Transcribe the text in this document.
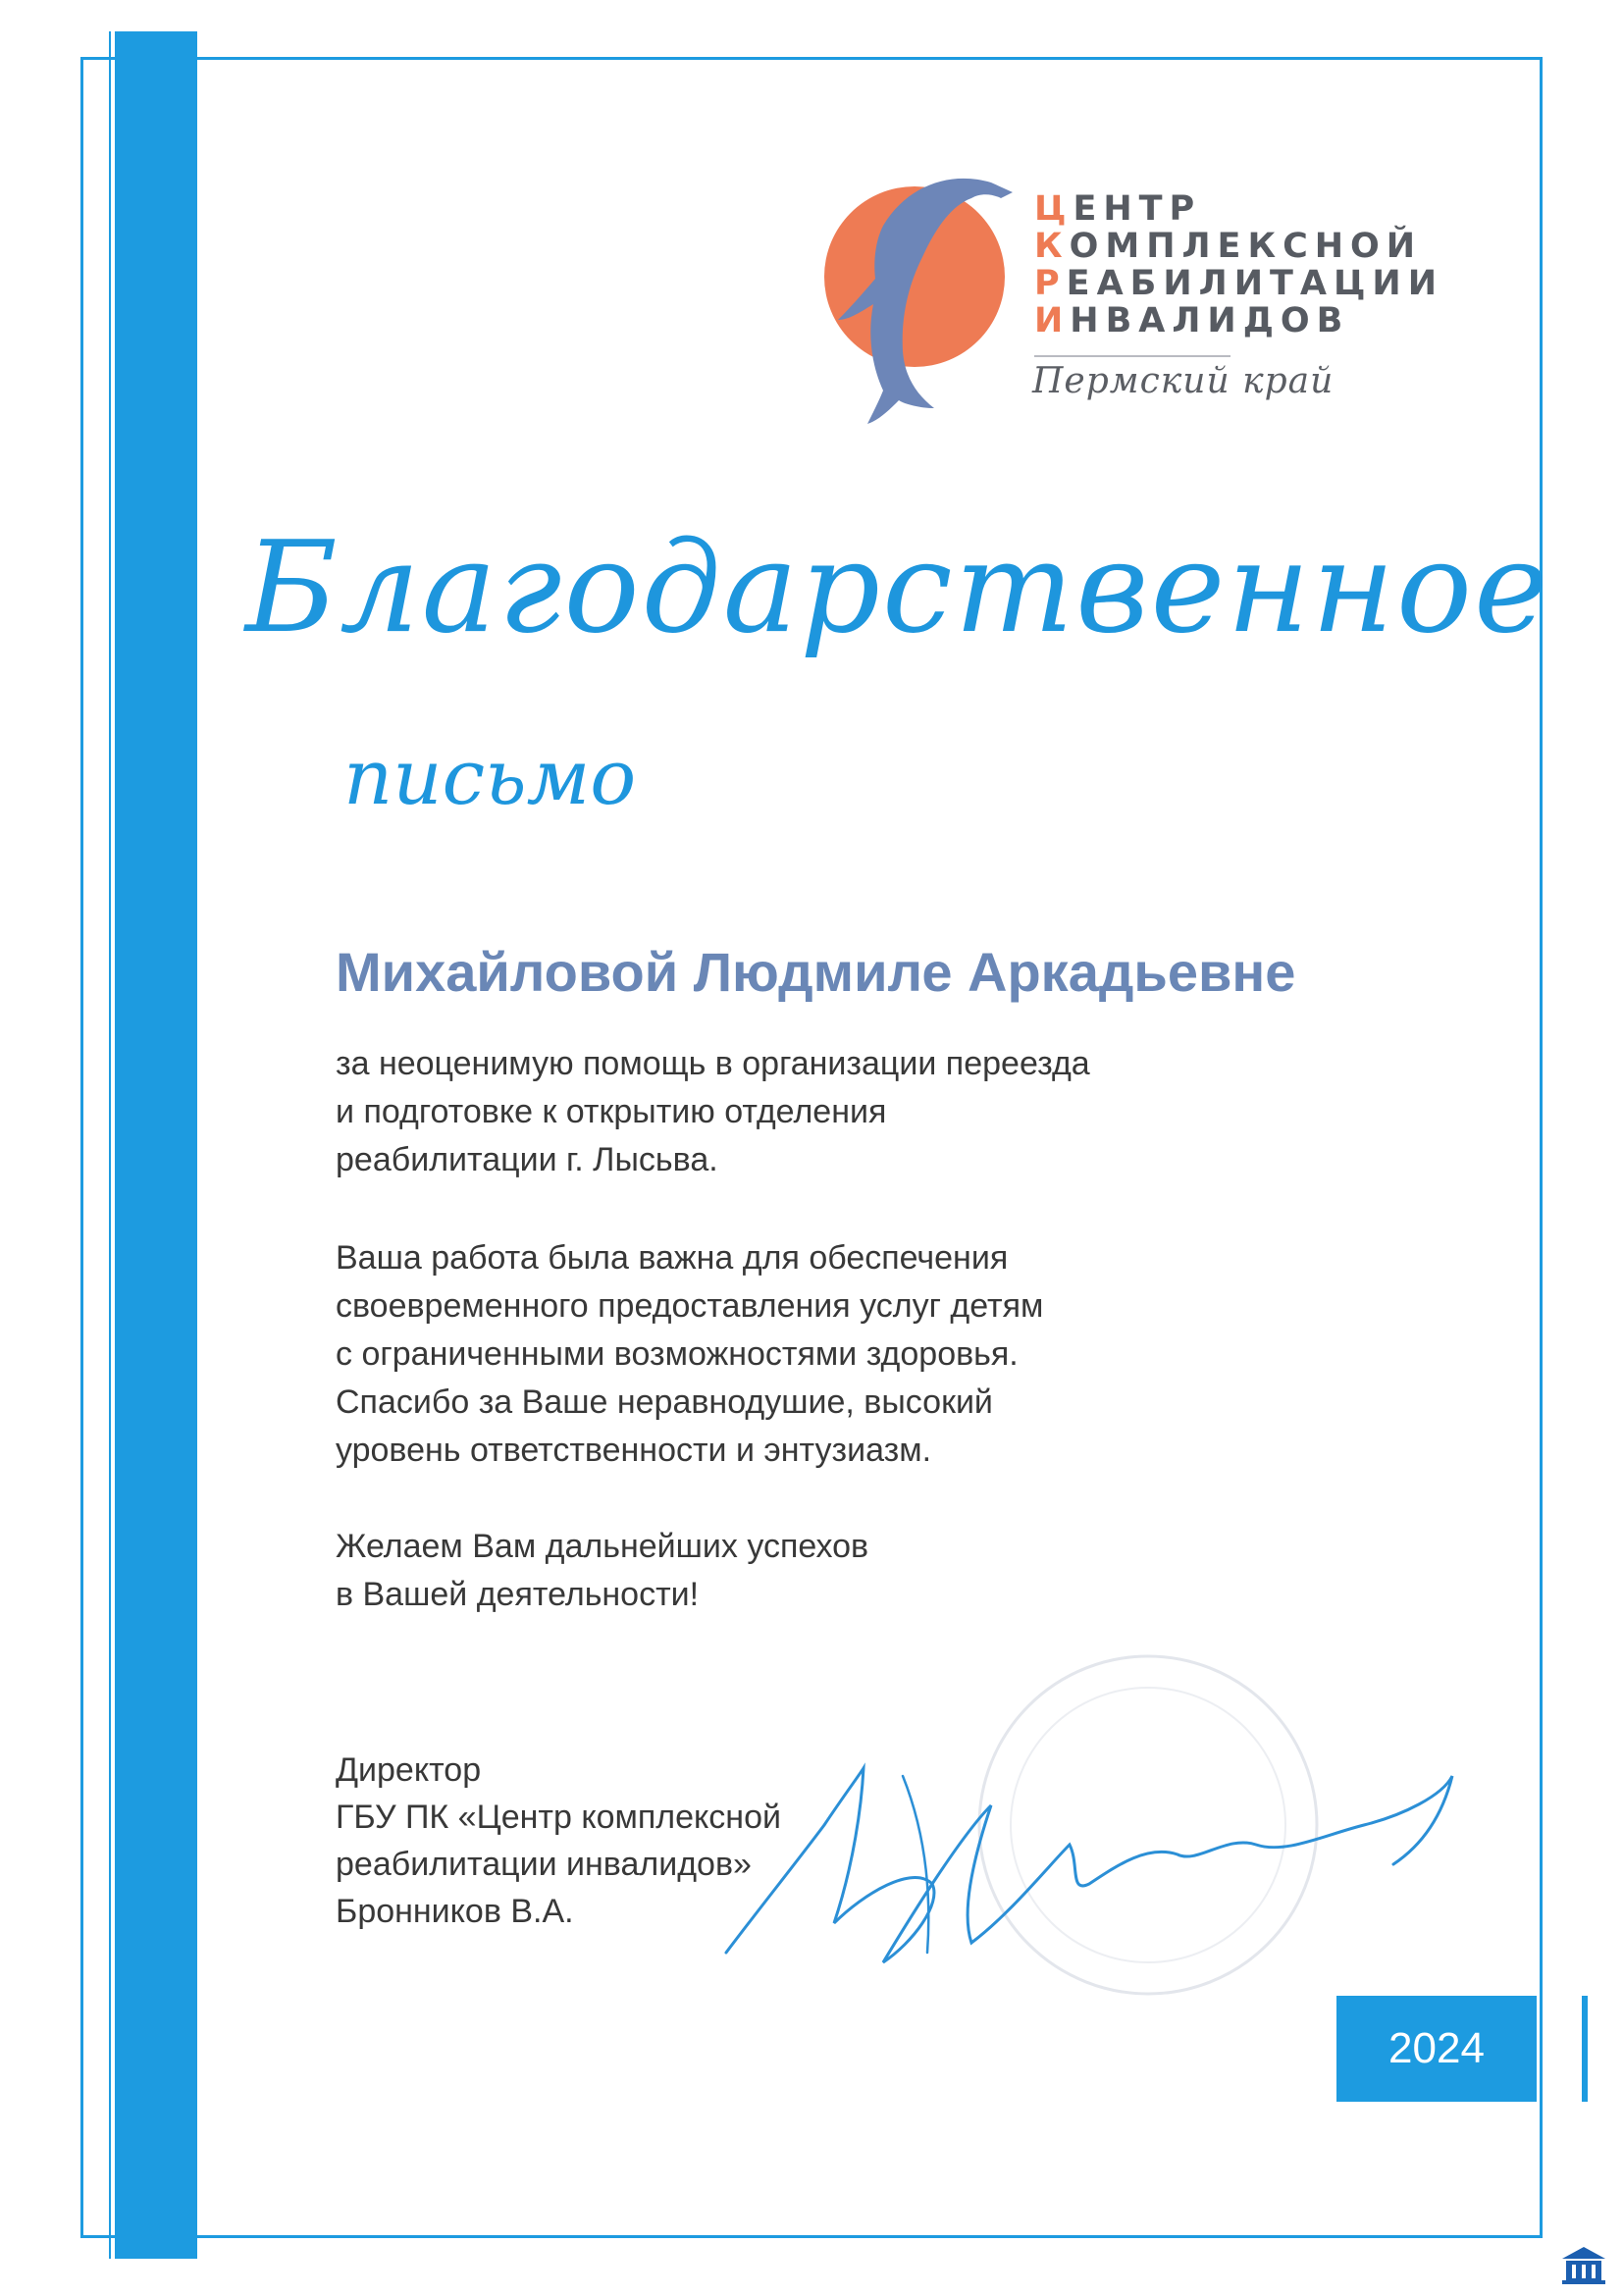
ЦЕНТР
КОМПЛЕКСНОЙ
РЕАБИЛИТАЦИИ
ИНВАЛИДОВ
Пермский край
Благодарственное
письмо
Михайловой Людмиле Аркадьевне
за неоценимую помощь в организации переезда
и подготовке к открытию отделения
реабилитации г. Лысьва.
Ваша работа была важна для обеспечения
своевременного предоставления услуг детям
с ограниченными возможностями здоровья.
Спасибо за Ваше неравнодушие, высокий
уровень ответственности и энтузиазм.
Желаем Вам дальнейших успехов
в Вашей деятельности!
Директор
ГБУ ПК «Центр комплексной
реабилитации инвалидов»
Бронников В.А.
2024
